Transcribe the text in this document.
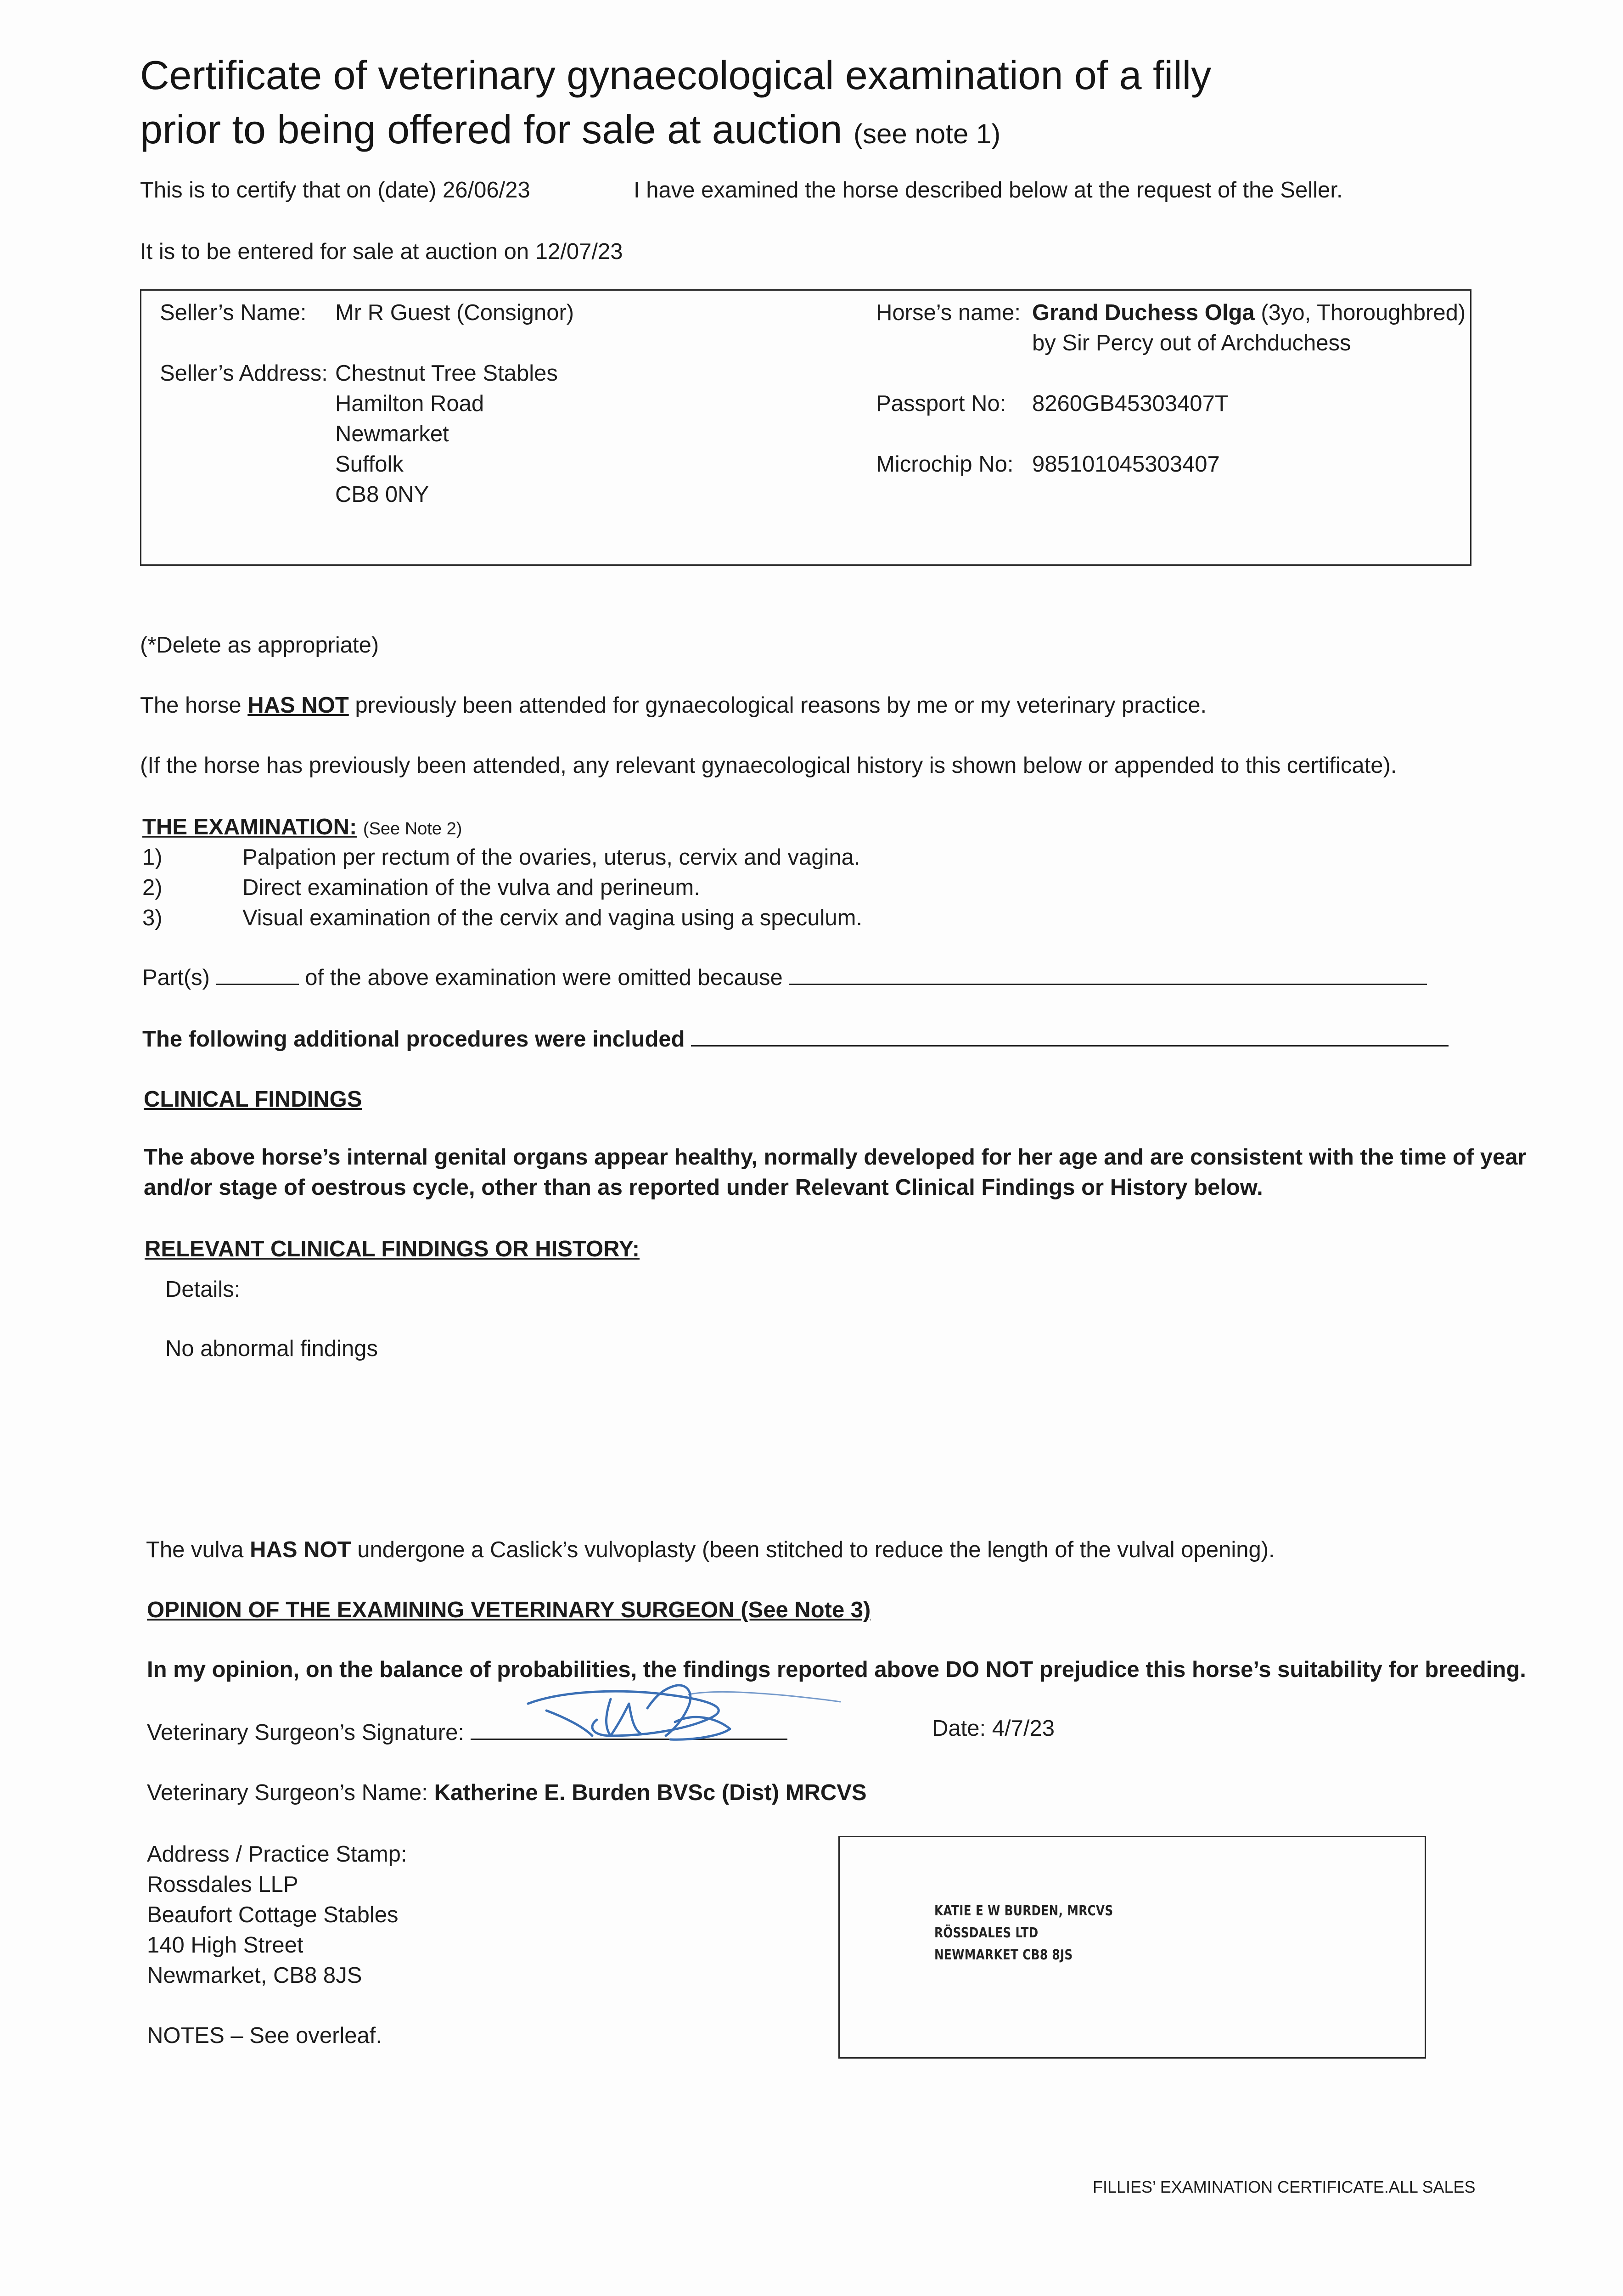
Certificate of veterinary gynaecological examination of a filly
prior to being offered for sale at auction (see note 1)
This is to certify that on (date) 26/06/23	I have examined the horse described below at the request of the Seller.
It is to be entered for sale at auction on 12/07/23
Seller’s Name: Mr R Guest (Consignor)
Seller’s Address: Chestnut Tree Stables
Hamilton Road
Newmarket
Suffolk
CB8 0NY
Horse’s name: Grand Duchess Olga (3yo, Thoroughbred)
by Sir Percy out of Archduchess
Passport No: 8260GB45303407T
Microchip No: 985101045303407
(*Delete as appropriate)
The horse HAS NOT previously been attended for gynaecological reasons by me or my veterinary practice.
(If the horse has previously been attended, any relevant gynaecological history is shown below or appended to this certificate).
THE EXAMINATION: (See Note 2)
1)	Palpation per rectum of the ovaries, uterus, cervix and vagina.
2)	Direct examination of the vulva and perineum.
3)	Visual examination of the cervix and vagina using a speculum.
Part(s)	of the above examination were omitted because
The following additional procedures were included
CLINICAL FINDINGS
The above horse’s internal genital organs appear healthy, normally developed for her age and are consistent with the time of year
and/or stage of oestrous cycle, other than as reported under Relevant Clinical Findings or History below.
RELEVANT CLINICAL FINDINGS OR HISTORY:
Details:
No abnormal findings
The vulva HAS NOT undergone a Caslick’s vulvoplasty (been stitched to reduce the length of the vulval opening).
OPINION OF THE EXAMINING VETERINARY SURGEON (See Note 3)
In my opinion, on the balance of probabilities, the findings reported above DO NOT prejudice this horse’s suitability for breeding.
Veterinary Surgeon’s Signature:	Date: 4/7/23
Veterinary Surgeon’s Name: Katherine E. Burden BVSc (Dist) MRCVS
Address / Practice Stamp:
Rossdales LLP
Beaufort Cottage Stables
140 High Street
Newmarket, CB8 8JS
NOTES – See overleaf.
KATIE E W BURDEN, MRCVS
RÖSSDALES LTD
NEWMARKET CB8 8JS
FILLIES’ EXAMINATION CERTIFICATE.ALL SALES
